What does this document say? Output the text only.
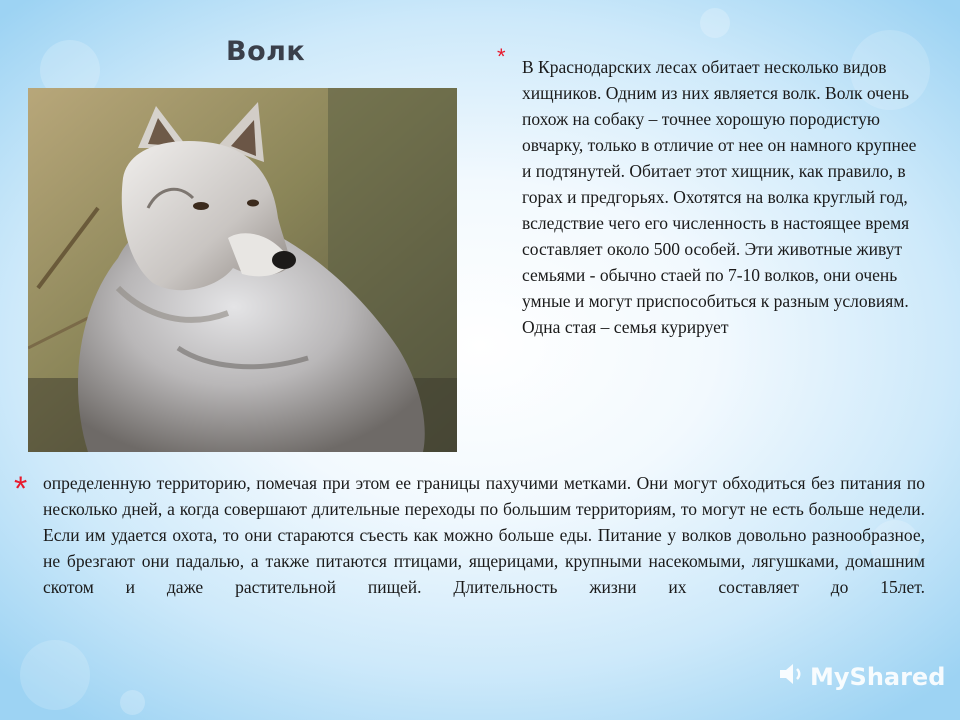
Волк	* В Краснодарских лесах обитает несколько видов хищников. Одним из них является волк. Волк очень похож на собаку – точнее хорошую породистую овчарку, только в отличие от нее он намного крупнее и подтянутей. Обитает этот хищник, как правило, в горах и предгорьях. Охотятся на волка круглый год, вследствие чего его численность в настоящее время составляет около 500 особей. Эти животные живут семьями - обычно стаей по 7-10 волков, они очень умные и могут приспособиться к разным условиям. Одна стая – семья курирует
* определенную территорию, помечая при этом ее границы пахучими метками. Они могут обходиться без питания по несколько дней, а когда совершают длительные переходы по большим территориям, то могут не есть больше недели. Если им удается охота, то они стараются съесть как можно больше еды. Питание у волков довольно разнообразное, не брезгают они падалью, а также питаются птицами, ящерицами, крупными насекомыми, лягушками, домашним скотом и даже растительной пищей. Длительность жизни их составляет до 15лет.
MyShared
